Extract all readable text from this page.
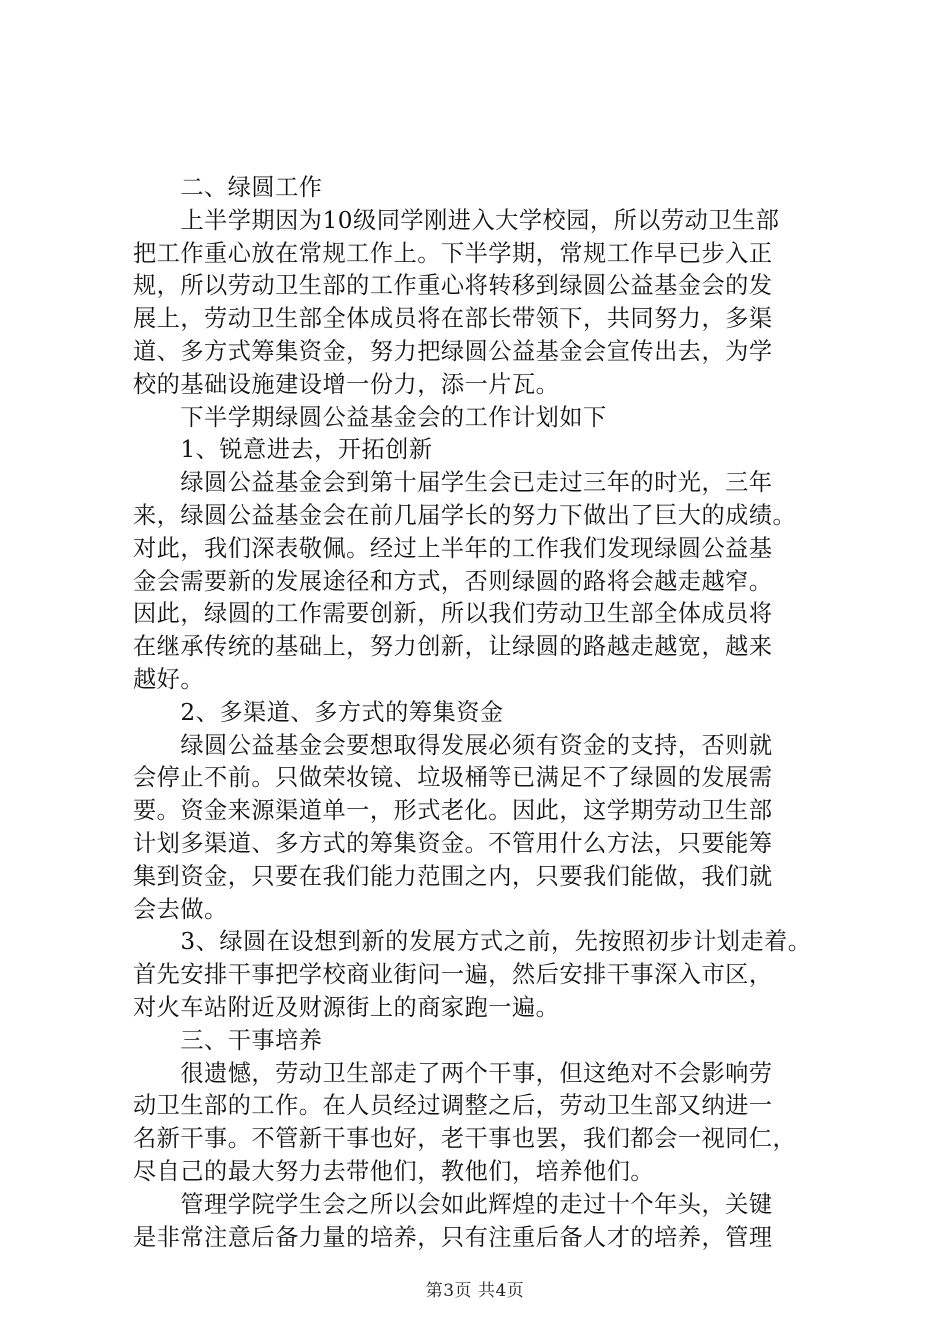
　　二、绿圆工作
　　上半学期因为10级同学刚进入大学校园，所以劳动卫生部
把工作重心放在常规工作上。下半学期，常规工作早已步入正
规，所以劳动卫生部的工作重心将转移到绿圆公益基金会的发
展上，劳动卫生部全体成员将在部长带领下，共同努力，多渠
道、多方式筹集资金，努力把绿圆公益基金会宣传出去，为学
校的基础设施建设增一份力，添一片瓦。
　　下半学期绿圆公益基金会的工作计划如下
　　1、锐意进去，开拓创新
　　绿圆公益基金会到第十届学生会已走过三年的时光，三年
来，绿圆公益基金会在前几届学长的努力下做出了巨大的成绩。
对此，我们深表敬佩。经过上半年的工作我们发现绿圆公益基
金会需要新的发展途径和方式，否则绿圆的路将会越走越窄。
因此，绿圆的工作需要创新，所以我们劳动卫生部全体成员将
在继承传统的基础上，努力创新，让绿圆的路越走越宽，越来
越好。
　　2、多渠道、多方式的筹集资金
　　绿圆公益基金会要想取得发展必须有资金的支持，否则就
会停止不前。只做荣妆镜、垃圾桶等已满足不了绿圆的发展需
要。资金来源渠道单一，形式老化。因此，这学期劳动卫生部
计划多渠道、多方式的筹集资金。不管用什么方法，只要能筹
集到资金，只要在我们能力范围之内，只要我们能做，我们就
会去做。
　　3、绿圆在设想到新的发展方式之前，先按照初步计划走着。
首先安排干事把学校商业街问一遍，然后安排干事深入市区，
对火车站附近及财源街上的商家跑一遍。
　　三、干事培养
　　很遗憾，劳动卫生部走了两个干事，但这绝对不会影响劳
动卫生部的工作。在人员经过调整之后，劳动卫生部又纳进一
名新干事。不管新干事也好，老干事也罢，我们都会一视同仁，
尽自己的最大努力去带他们，教他们，培养他们。
　　管理学院学生会之所以会如此辉煌的走过十个年头，关键
是非常注意后备力量的培养，只有注重后备人才的培养，管理
第3页 共4页
